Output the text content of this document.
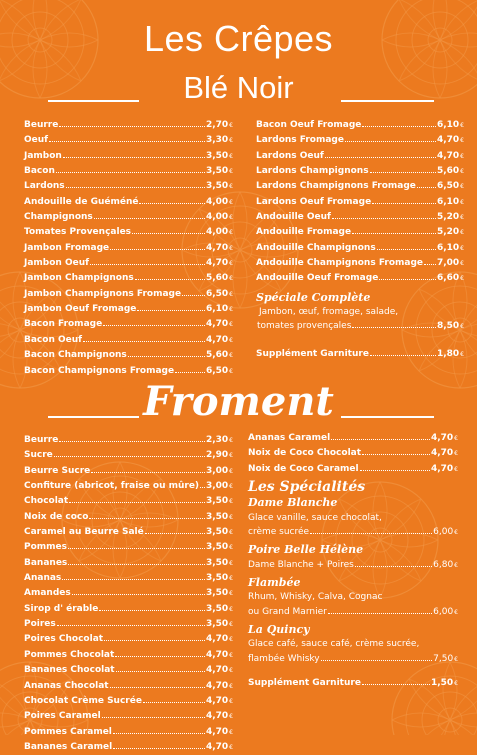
Les Crêpes
Blé Noir
Beurre	2,70€
Oeuf	3,30€
Jambon	3,50€
Bacon	3,50€
Lardons	3,50€
Andouille de Guéméné	4,00€
Champignons	4,00€
Tomates Provençales	4,00€
Jambon Fromage	4,70€
Jambon Oeuf	4,70€
Jambon Champignons	5,60€
Jambon Champignons Fromage	6,50€
Jambon Oeuf Fromage	6,10€
Bacon Fromage	4,70€
Bacon Oeuf	4,70€
Bacon Champignons	5,60€
Bacon Champignons Fromage	6,50€
Bacon Oeuf Fromage	6,10€
Lardons Fromage	4,70€
Lardons Oeuf	4,70€
Lardons Champignons	5,60€
Lardons Champignons Fromage 6,50€
Lardons Oeuf Fromage	6,10€
Andouille Oeuf	5,20€
Andouille Fromage	5,20€
Andouille Champignons	6,10€
Andouille Champignons Fromage 7,00€
Andouille Oeuf Fromage	6,60€
Spéciale Complète
Jambon, œuf, fromage, salade,
tomates provençales	8,50€
Supplément Garniture	1,80€
Froment
Beurre	2,30€
Sucre	2,90€
Beurre Sucre	3,00€
Confiture (abricot, fraise ou mûre) 3,00€
Chocolat	3,50€
Noix de coco	3,50€
Caramel au Beurre Salé	3,50€
Pommes	3,50€
Bananes	3,50€
Ananas	3,50€
Amandes	3,50€
Sirop d' érable	3,50€
Poires	3,50€
Poires Chocolat	4,70€
Pommes Chocolat	4,70€
Bananes Chocolat	4,70€
Ananas Chocolat	4,70€
Chocolat Crème Sucrée	4,70€
Poires Caramel	4,70€
Pommes Caramel	4,70€
Bananes Caramel	4,70€
Ananas Caramel	4,70€
Noix de Coco Chocolat	4,70€
Noix de Coco Caramel	4,70€
Les Spécialités
Dame Blanche
Glace vanille, sauce chocolat,
crème sucrée	6,00€
Poire Belle Hélène
Dame Blanche + Poires	6,80€
Flambée
Rhum, Whisky, Calva, Cognac
ou Grand Marnier	6,00€
La Quincy
Glace café, sauce café, crème sucrée,
flambée Whisky	7,50€
Supplément Garniture	1,50€
